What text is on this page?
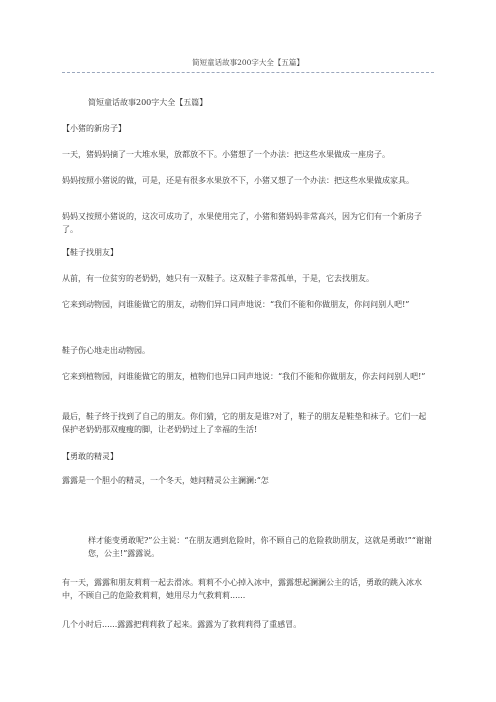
简短童话故事200字大全【五篇】

简短童话故事200字大全【五篇】

【小猪的新房子】

一天，猪妈妈摘了一大堆水果，放都放不下。小猪想了一个办法：把这些水果做成一座房子。

妈妈按照小猪说的做，可是，还是有很多水果放不下，小猪又想了一个办法：把这些水果做成家具。

妈妈又按照小猪说的，这次可成功了，水果使用完了，小猪和猪妈妈非常高兴，因为它们有一个新房子了。

【鞋子找朋友】

从前，有一位贫穷的老奶奶，她只有一双鞋子。这双鞋子非常孤单，于是，它去找朋友。

它来到动物园，问谁能做它的朋友，动物们异口同声地说：“我们不能和你做朋友，你问问别人吧!”

鞋子伤心地走出动物园。

它来到植物园，问谁能做它的朋友，植物们也异口同声地说：“我们不能和你做朋友，你去问问别人吧!”

最后，鞋子终于找到了自己的朋友。你们猜，它的朋友是谁?对了，鞋子的朋友是鞋垫和袜子。它们一起保护老奶奶那双瘦瘦的脚，让老奶奶过上了幸福的生活!

【勇敢的精灵】

露露是一个胆小的精灵，一个冬天，她问精灵公主澜澜:“怎

样才能变勇敢呢?”公主说：“在朋友遇到危险时，你不顾自己的危险救助朋友，这就是勇敢!”“谢谢您，公主!”露露说。

有一天，露露和朋友莉莉一起去滑冰。莉莉不小心掉入冰中，露露想起澜澜公主的话，勇敢的跳入冰水中，不顾自己的危险救莉莉，她用尽力气救莉莉......

几个小时后......露露把莉莉救了起来。露露为了救莉莉得了重感冒。
